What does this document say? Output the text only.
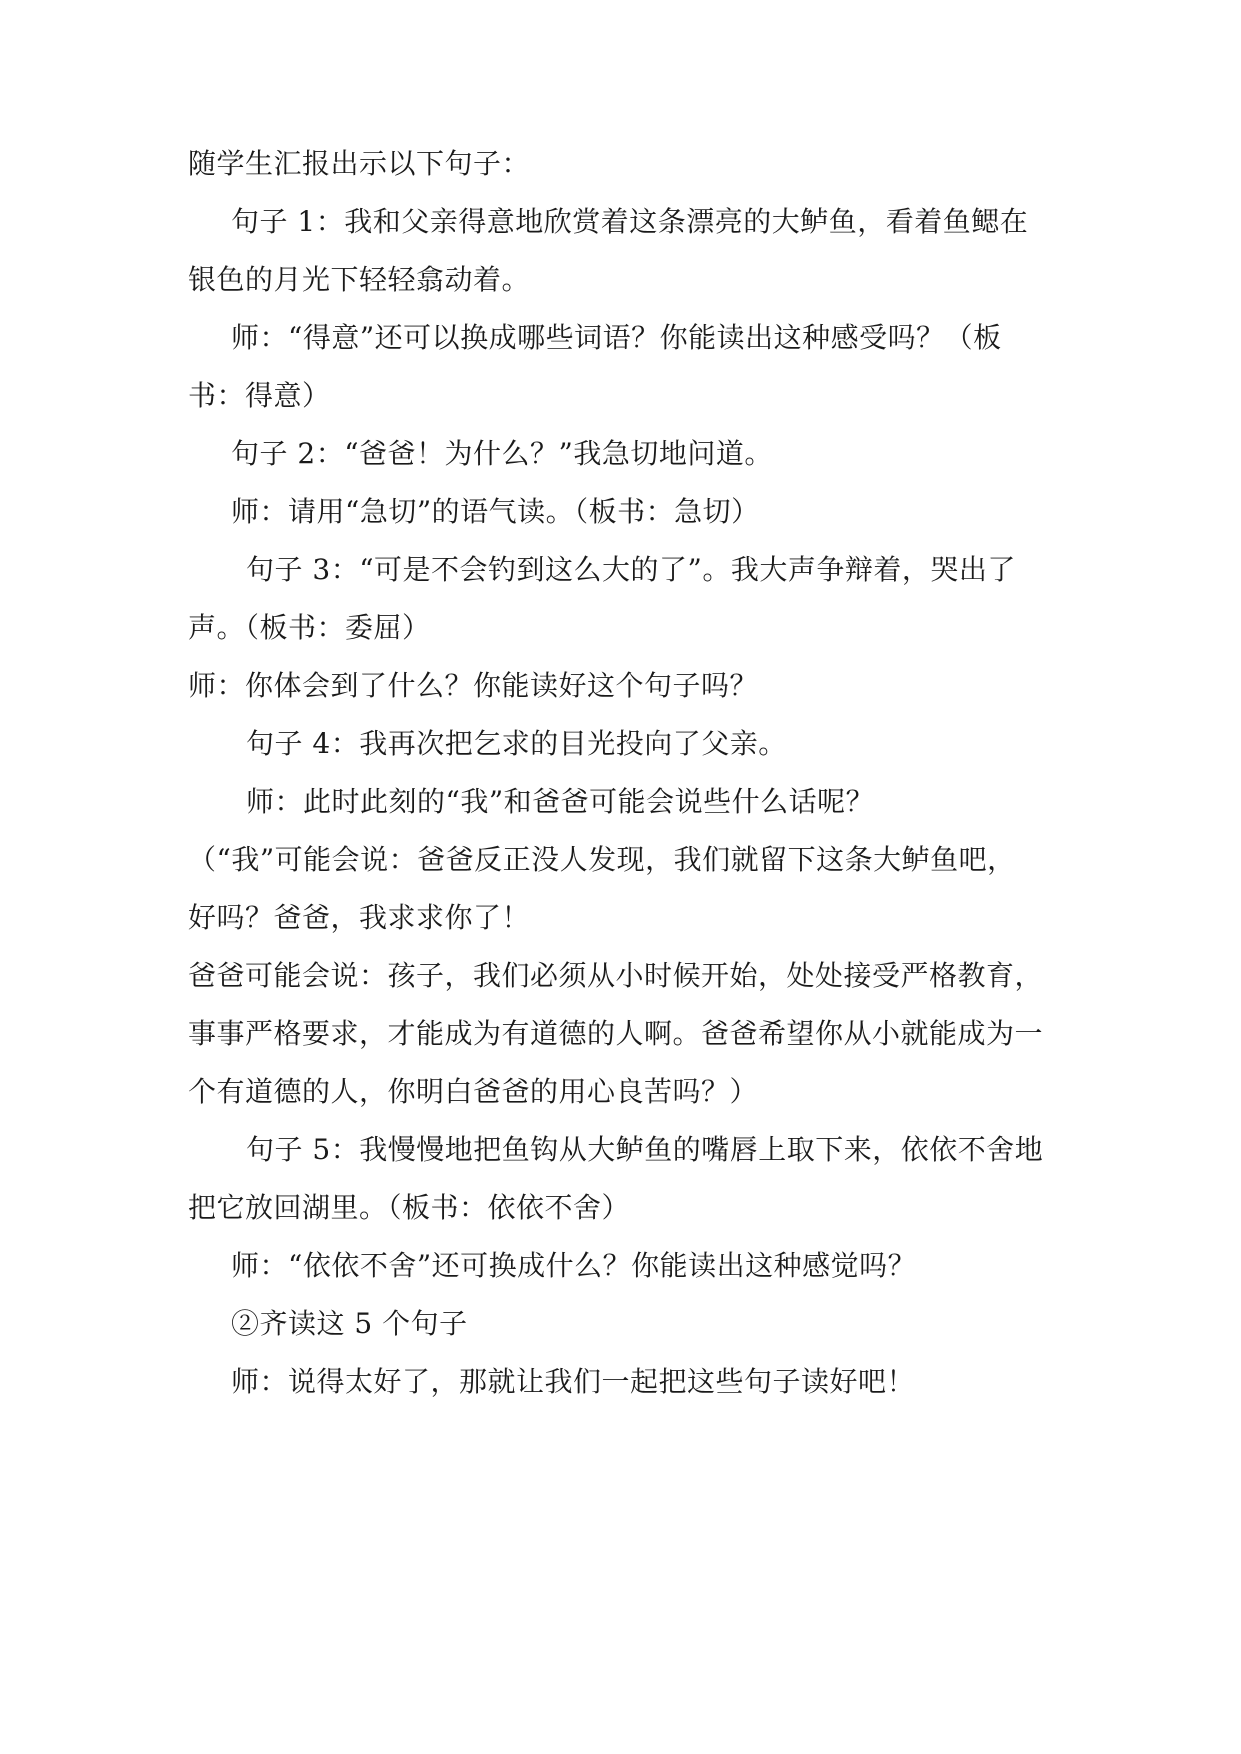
随学生汇报出示以下句子：
句子 1：我和父亲得意地欣赏着这条漂亮的大鲈鱼，看着鱼鳃在
银色的月光下轻轻翕动着。
师：“得意”还可以换成哪些词语？你能读出这种感受吗？（板
书：得意）
句子 2：“爸爸！为什么？”我急切地问道。
师：请用“急切”的语气读。（板书：急切）
句子 3：“可是不会钓到这么大的了”。我大声争辩着，哭出了
声。（板书：委屈）
师：你体会到了什么？你能读好这个句子吗？
句子 4：我再次把乞求的目光投向了父亲。
师：此时此刻的“我”和爸爸可能会说些什么话呢？
（“我”可能会说：爸爸反正没人发现，我们就留下这条大鲈鱼吧，
好吗？爸爸，我求求你了！
爸爸可能会说：孩子，我们必须从小时候开始，处处接受严格教育，
事事严格要求，才能成为有道德的人啊。爸爸希望你从小就能成为一
个有道德的人，你明白爸爸的用心良苦吗？）
句子 5：我慢慢地把鱼钩从大鲈鱼的嘴唇上取下来，依依不舍地
把它放回湖里。（板书：依依不舍）
师：“依依不舍”还可换成什么？你能读出这种感觉吗？
②齐读这 5 个句子
师：说得太好了，那就让我们一起把这些句子读好吧！
